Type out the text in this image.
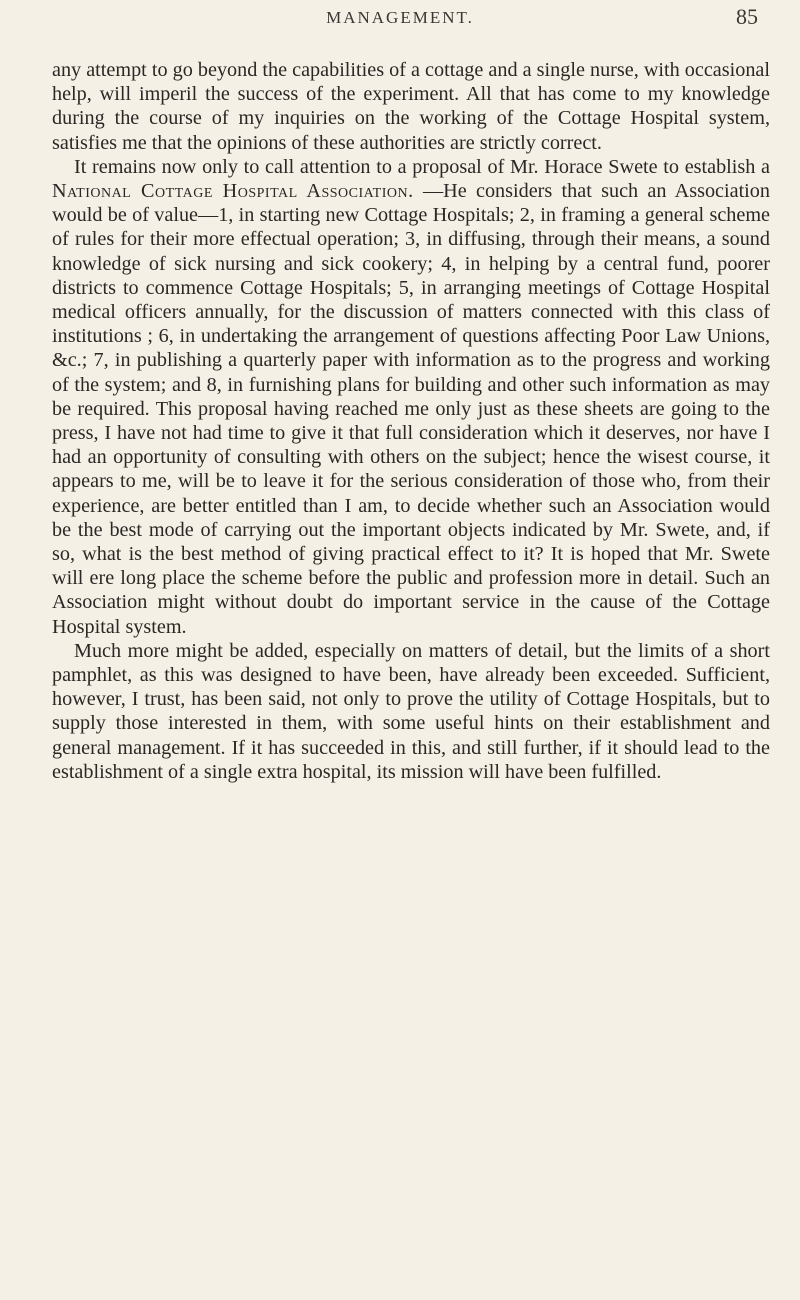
MANAGEMENT.	85

any attempt to go beyond the capabilities of a cottage and a single nurse, with occasional help, will imperil the success of the experiment. All that has come to my knowledge during the course of my inquiries on the working of the Cottage Hospital system, satisfies me that the opinions of these authorities are strictly correct.

It remains now only to call attention to a proposal of Mr. Horace Swete to establish a National Cottage Hospital Association. —He considers that such an Association would be of value—1, in starting new Cottage Hospitals; 2, in framing a general scheme of rules for their more effectual operation; 3, in diffusing, through their means, a sound knowledge of sick nursing and sick cookery; 4, in helping by a central fund, poorer districts to commence Cottage Hospitals; 5, in arranging meetings of Cottage Hospital medical officers annually, for the discussion of matters connected with this class of institutions ; 6, in undertaking the arrangement of questions affecting Poor Law Unions, &c.; 7, in publishing a quarterly paper with information as to the progress and working of the system; and 8, in furnishing plans for building and other such information as may be required. This proposal having reached me only just as these sheets are going to the press, I have not had time to give it that full consideration which it deserves, nor have I had an opportunity of consulting with others on the subject; hence the wisest course, it appears to me, will be to leave it for the serious consideration of those who, from their experience, are better entitled than I am, to decide whether such an Association would be the best mode of carrying out the important objects indicated by Mr. Swete, and, if so, what is the best method of giving practical effect to it? It is hoped that Mr. Swete will ere long place the scheme before the public and profession more in detail. Such an Association might without doubt do important service in the cause of the Cottage Hospital system.

Much more might be added, especially on matters of detail, but the limits of a short pamphlet, as this was designed to have been, have already been exceeded. Sufficient, however, I trust, has been said, not only to prove the utility of Cottage Hospitals, but to supply those interested in them, with some useful hints on their establishment and general management. If it has succeeded in this, and still further, if it should lead to the establishment of a single extra hospital, its mission will have been fulfilled.
